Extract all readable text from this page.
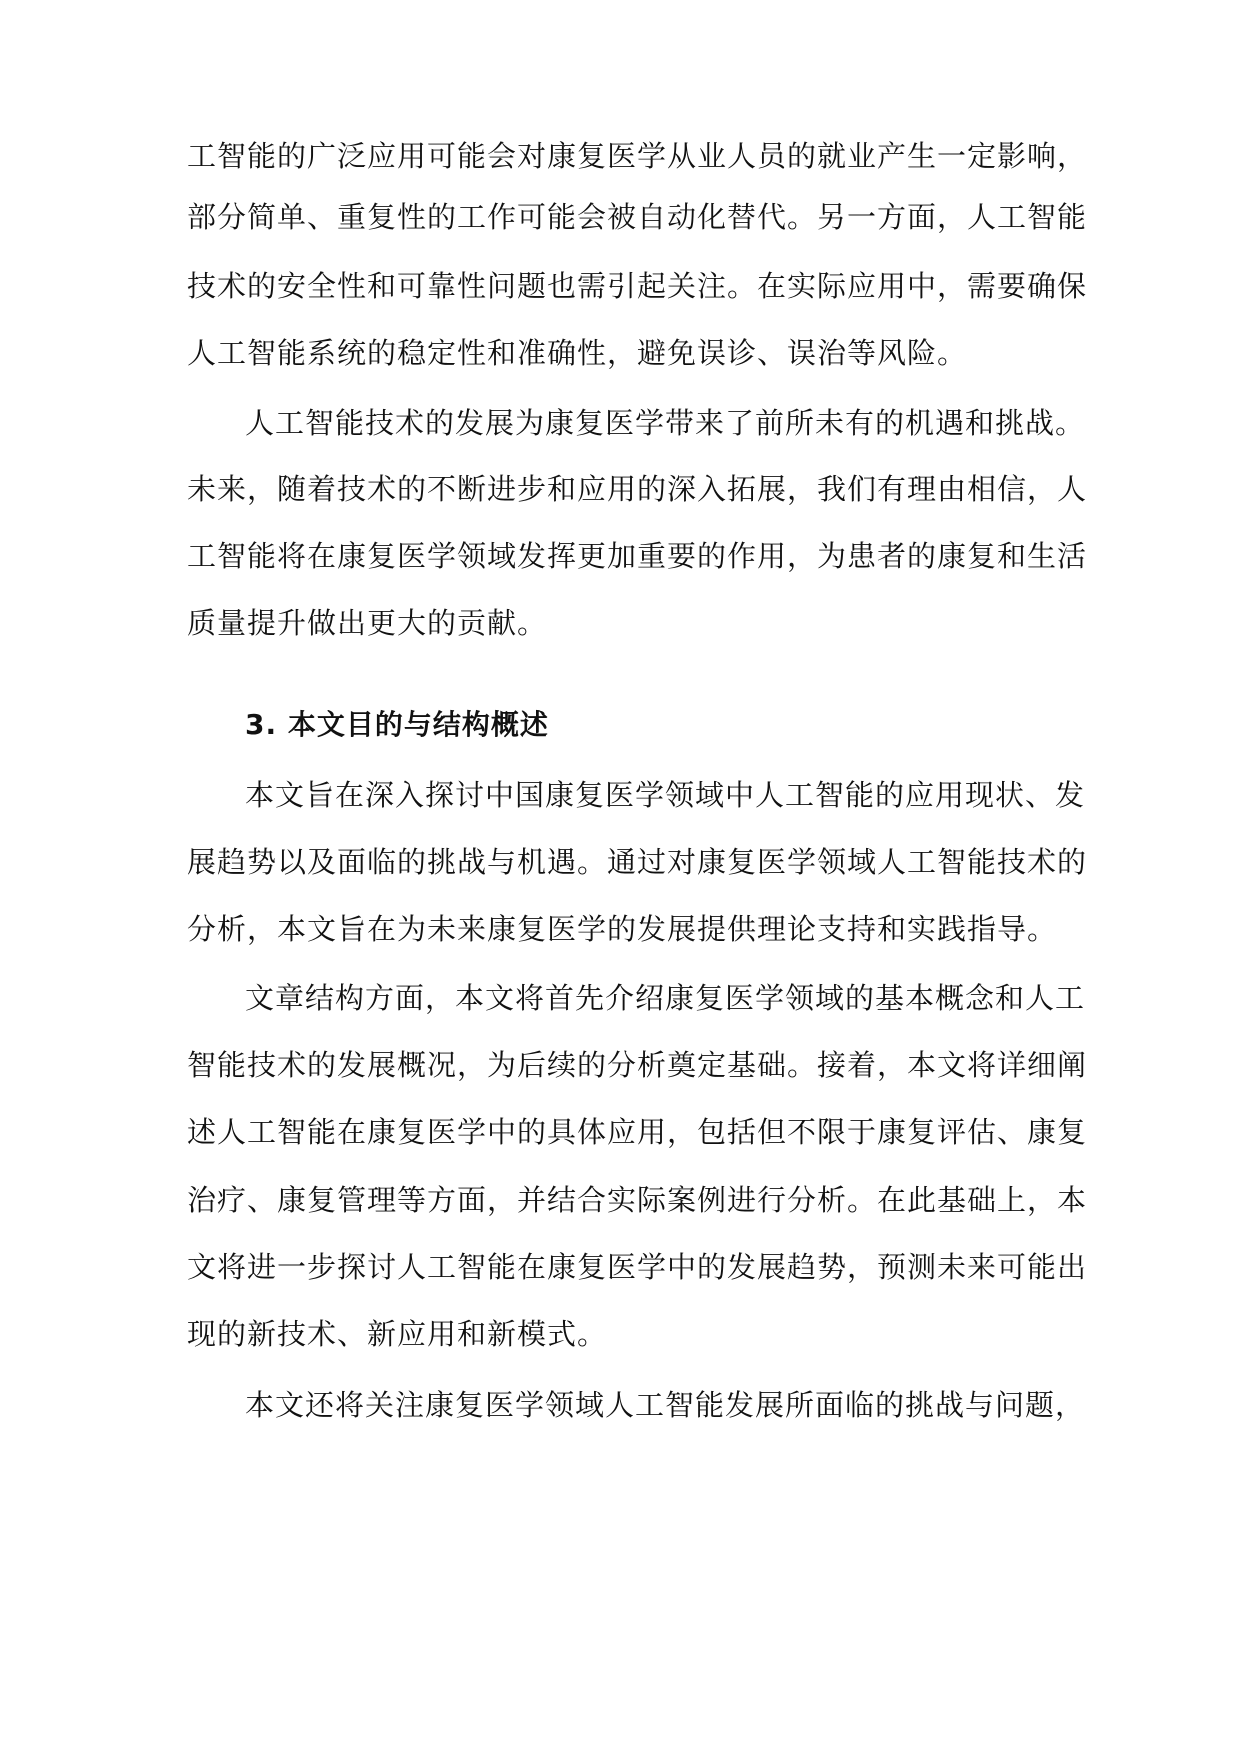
工智能的广泛应用可能会对康复医学从业人员的就业产生一定影响，
部分简单、重复性的工作可能会被自动化替代。另一方面，人工智能
技术的安全性和可靠性问题也需引起关注。在实际应用中，需要确保
人工智能系统的稳定性和准确性，避免误诊、误治等风险。
人工智能技术的发展为康复医学带来了前所未有的机遇和挑战。
未来，随着技术的不断进步和应用的深入拓展，我们有理由相信，人
工智能将在康复医学领域发挥更加重要的作用，为患者的康复和生活
质量提升做出更大的贡献。
3. 本文目的与结构概述
本文旨在深入探讨中国康复医学领域中人工智能的应用现状、发
展趋势以及面临的挑战与机遇。通过对康复医学领域人工智能技术的
分析，本文旨在为未来康复医学的发展提供理论支持和实践指导。
文章结构方面，本文将首先介绍康复医学领域的基本概念和人工
智能技术的发展概况，为后续的分析奠定基础。接着，本文将详细阐
述人工智能在康复医学中的具体应用，包括但不限于康复评估、康复
治疗、康复管理等方面，并结合实际案例进行分析。在此基础上，本
文将进一步探讨人工智能在康复医学中的发展趋势，预测未来可能出
现的新技术、新应用和新模式。
本文还将关注康复医学领域人工智能发展所面临的挑战与问题，
